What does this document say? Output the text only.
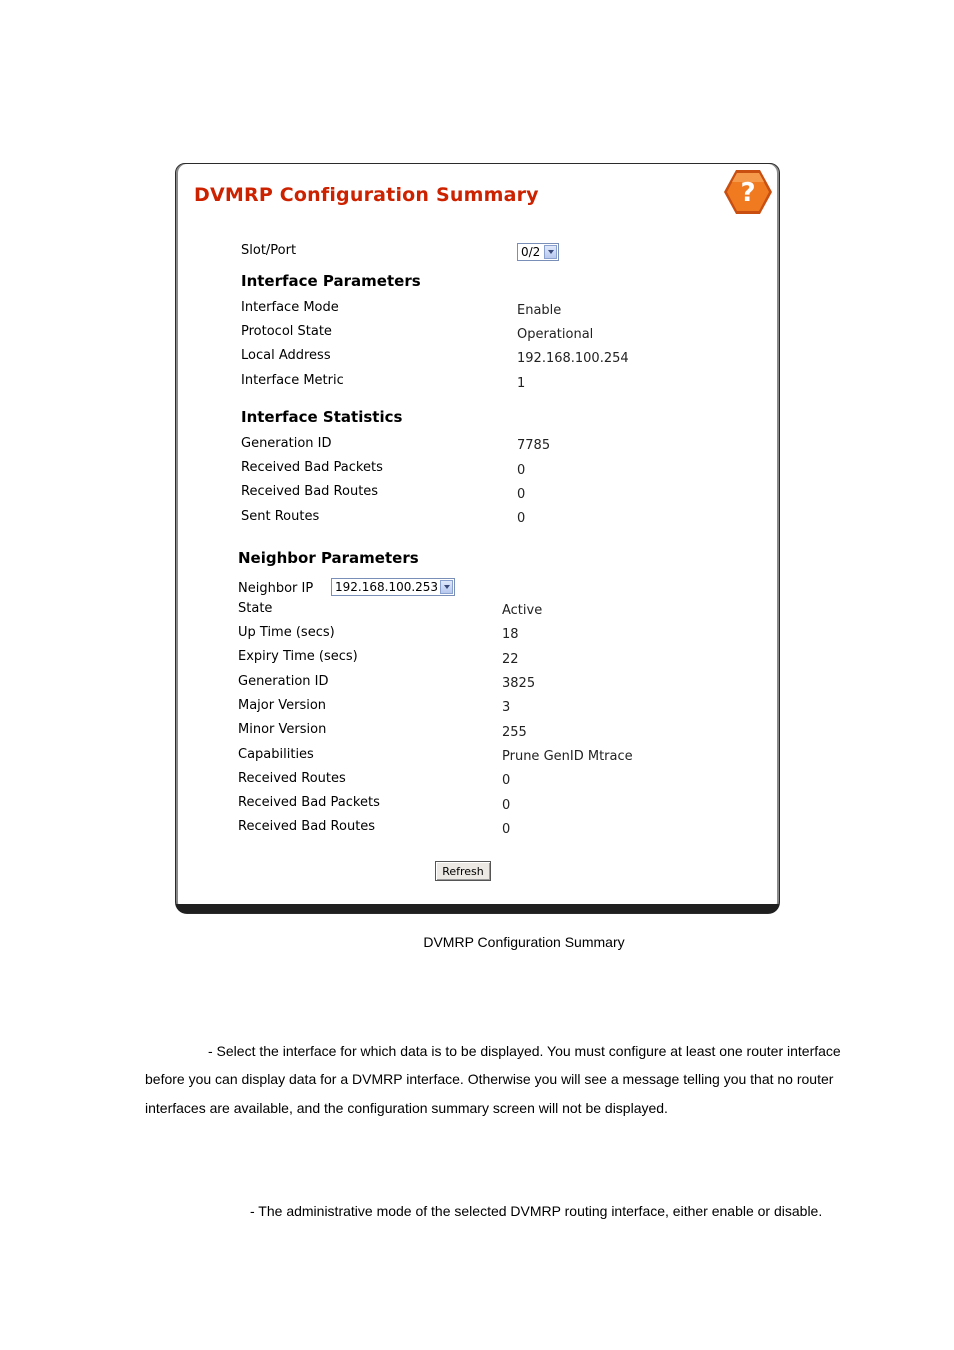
DVMRP Configuration Summary	?
Slot/Port	0/2
Interface Parameters
Interface Mode	Enable
Protocol State	Operational
Local Address	192.168.100.254
Interface Metric	1
Interface Statistics
Generation ID	7785
Received Bad Packets	0
Received Bad Routes	0
Sent Routes	0
Neighbor Parameters
Neighbor IP 192.168.100.253
State	Active
Up Time (secs)	18
Expiry Time (secs)	22
Generation ID	3825
Major Version	3
Minor Version	255
Capabilities	Prune GenID Mtrace
Received Routes	0
Received Bad Packets	0
Received Bad Routes	0
Refresh
DVMRP Configuration Summary
- Select the interface for which data is to be displayed. You must configure at least one router interface
before you can display data for a DVMRP interface. Otherwise you will see a message telling you that no router
interfaces are available, and the configuration summary screen will not be displayed.
- The administrative mode of the selected DVMRP routing interface, either enable or disable.
